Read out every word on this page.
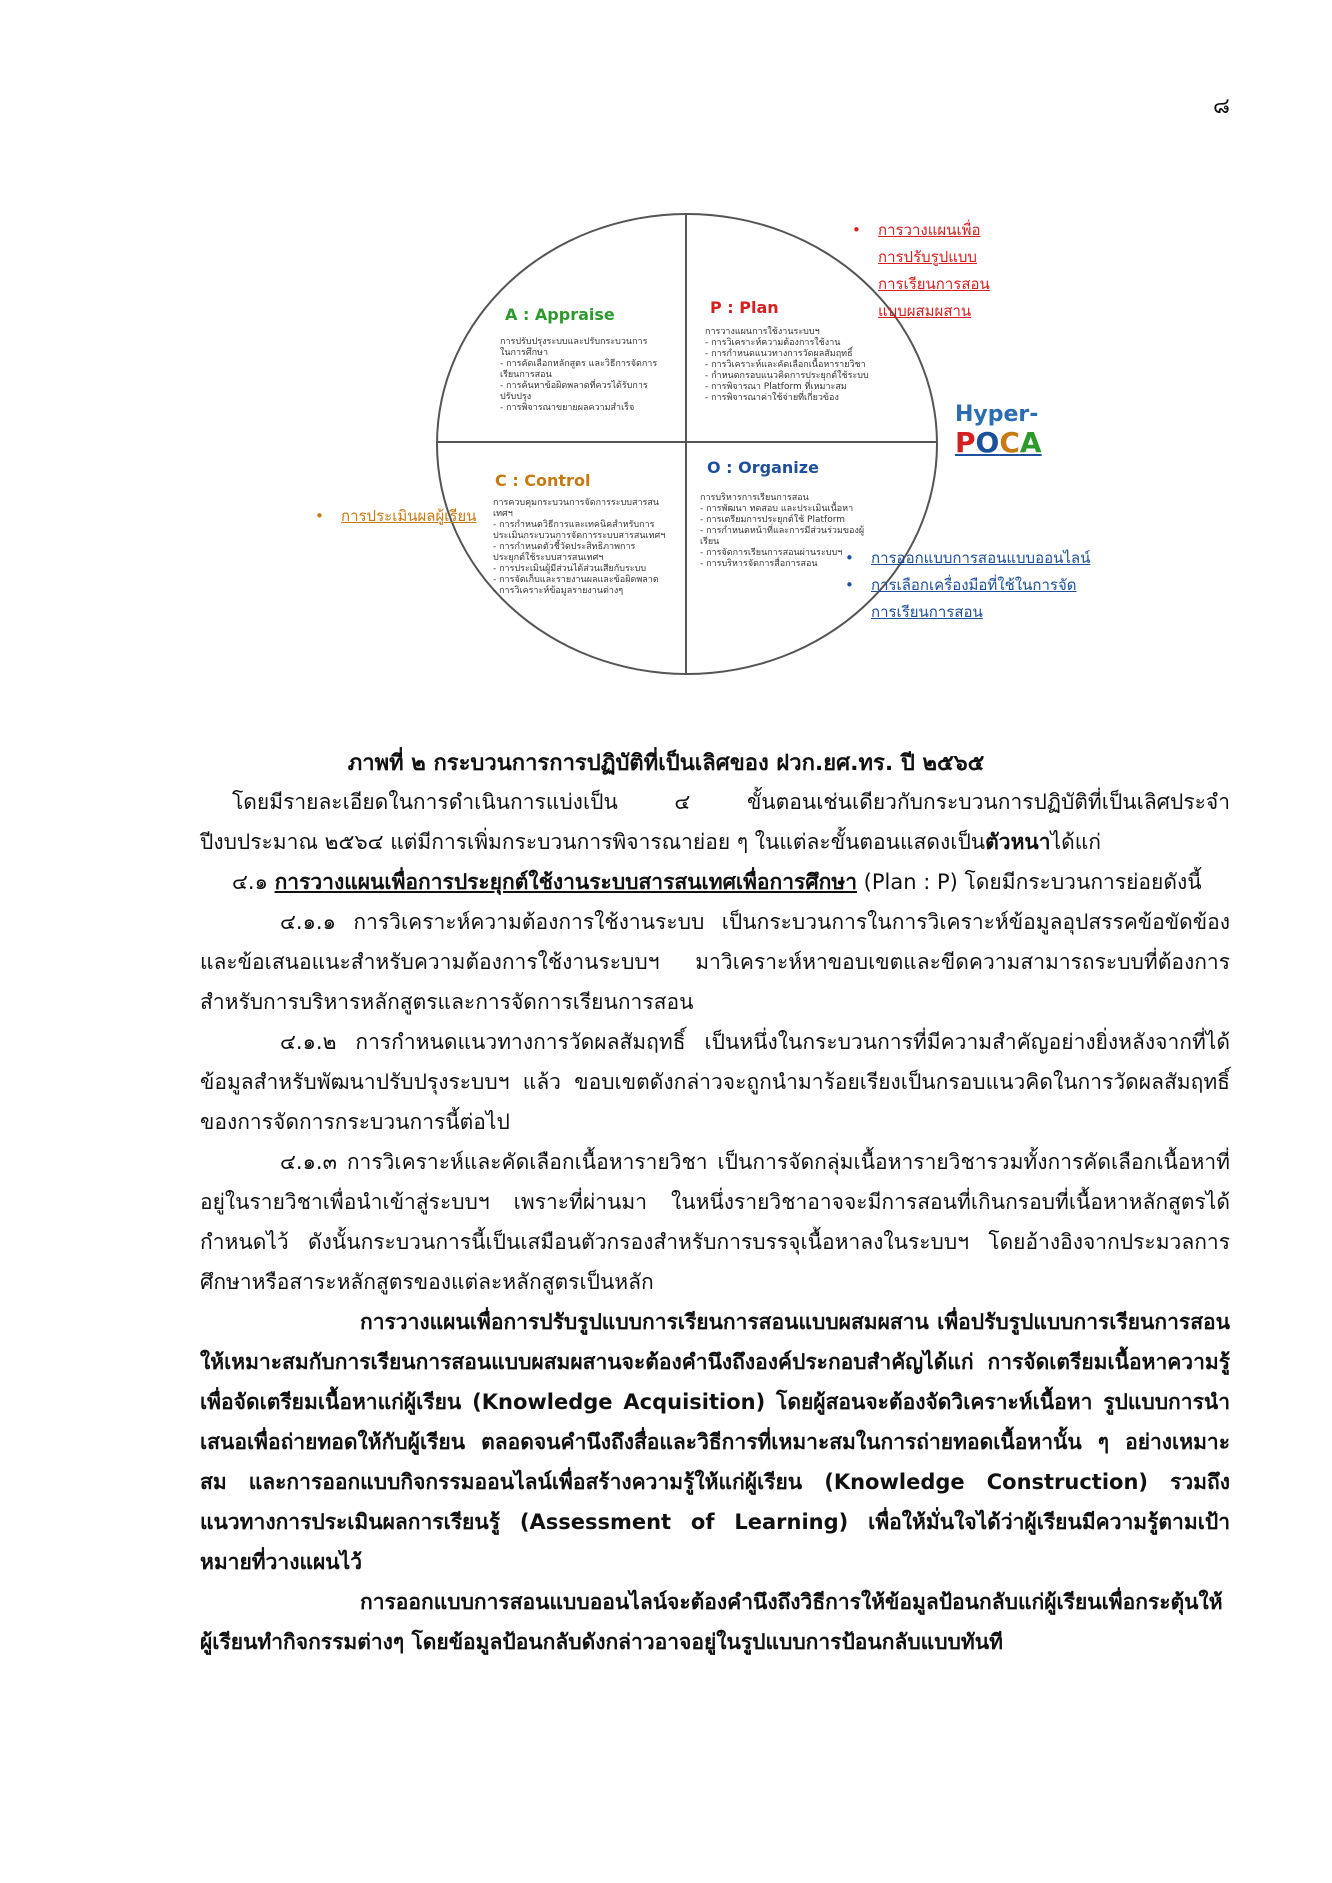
๘
A : Appraise
การปรับปรุงระบบและปรับกระบวนการ
ในการศึกษา
- การคัดเลือกหลักสูตร และวิธีการจัดการ
เรียนการสอน
- การค้นหาข้อผิดพลาดที่ควรได้รับการ
ปรับปรุง
- การพิจารณาขยายผลความสำเร็จ
P : Plan
การวางแผนการใช้งานระบบฯ
- การวิเคราะห์ความต้องการใช้งาน
- การกำหนดแนวทางการวัดผลสัมฤทธิ์
- การวิเคราะห์และคัดเลือกเนื้อหารายวิชา
- กำหนดกรอบแนวคิดการประยุกต์ใช้ระบบ
- การพิจารณา Platform ที่เหมาะสม
- การพิจารณาค่าใช้จ่ายที่เกี่ยวข้อง
C : Control
การควบคุมกระบวนการจัดการระบบสารสน
เทศฯ
- การกำหนดวิธีการและเทคนิคสำหรับการ
ประเมินกระบวนการจัดการระบบสารสนเทศฯ
- การกำหนดตัวชี้วัดประสิทธิภาพการ
ประยุกต์ใช้ระบบสารสนเทศฯ
- การประเมินผู้มีส่วนได้ส่วนเสียกับระบบ
- การจัดเก็บและรายงานผลและข้อผิดพลาด
- การวิเคราะห์ข้อมูลรายงานต่างๆ
O : Organize
การบริหารการเรียนการสอน
- การพัฒนา ทดสอบ และประเมินเนื้อหา
- การเตรียมการประยุกต์ใช้ Platform
- การกำหนดหน้าที่และการมีส่วนร่วมของผู้
เรียน
- การจัดการเรียนการสอนผ่านระบบฯ
- การบริหารจัดการสื่อการสอน
• การวางแผนเพื่อ
การปรับรูปแบบ
การเรียนการสอน
แบบผสมผสาน
• การประเมินผลผู้เรียน
• การออกแบบการสอนแบบออนไลน์
• การเลือกเครื่องมือที่ใช้ในการจัด
การเรียนการสอน
Hyper-
POCA
ภาพที่ ๒ กระบวนการการปฏิบัติที่เป็นเลิศของ ฝวก.ยศ.ทร. ปี ๒๕๖๕

โดยมีรายละเอียดในการดำเนินการแบ่งเป็น ๔ ขั้นตอนเช่นเดียวกับกระบวนการปฏิบัติที่เป็นเลิศประจำปีงบประมาณ ๒๕๖๔ แต่มีการเพิ่มกระบวนการพิจารณาย่อย ๆ ในแต่ละขั้นตอนแสดงเป็นตัวหนาได้แก่

๔.๑ การวางแผนเพื่อการประยุกต์ใช้งานระบบสารสนเทศเพื่อการศึกษา (Plan : P) โดยมีกระบวนการย่อยดังนี้

๔.๑.๑ การวิเคราะห์ความต้องการใช้งานระบบ เป็นกระบวนการในการวิเคราะห์ข้อมูลอุปสรรคข้อขัดข้อง และข้อเสนอแนะสำหรับความต้องการใช้งานระบบฯ มาวิเคราะห์หาขอบเขตและขีดความสามารถระบบที่ต้องการสำหรับการบริหารหลักสูตรและการจัดการเรียนการสอน

๔.๑.๒ การกำหนดแนวทางการวัดผลสัมฤทธิ์ เป็นหนึ่งในกระบวนการที่มีความสำคัญอย่างยิ่งหลังจากที่ได้ข้อมูลสำหรับพัฒนาปรับปรุงระบบฯ แล้ว ขอบเขตดังกล่าวจะถูกนำมาร้อยเรียงเป็นกรอบแนวคิดในการวัดผลสัมฤทธิ์ของการจัดการกระบวนการนี้ต่อไป

๔.๑.๓ การวิเคราะห์และคัดเลือกเนื้อหารายวิชา เป็นการจัดกลุ่มเนื้อหารายวิชารวมทั้งการคัดเลือกเนื้อหาที่อยู่ในรายวิชาเพื่อนำเข้าสู่ระบบฯ เพราะที่ผ่านมา ในหนึ่งรายวิชาอาจจะมีการสอนที่เกินกรอบที่เนื้อหาหลักสูตรได้กำหนดไว้ ดังนั้นกระบวนการนี้เป็นเสมือนตัวกรองสำหรับการบรรจุเนื้อหาลงในระบบฯ โดยอ้างอิงจากประมวลการศึกษาหรือสาระหลักสูตรของแต่ละหลักสูตรเป็นหลัก

การวางแผนเพื่อการปรับรูปแบบการเรียนการสอนแบบผสมผสาน เพื่อปรับรูปแบบการเรียนการสอนให้เหมาะสมกับการเรียนการสอนแบบผสมผสานจะต้องคำนึงถึงองค์ประกอบสำคัญได้แก่ การจัดเตรียมเนื้อหาความรู้เพื่อจัดเตรียมเนื้อหาแก่ผู้เรียน (Knowledge Acquisition) โดยผู้สอนจะต้องจัดวิเคราะห์เนื้อหา รูปแบบการนำเสนอเพื่อถ่ายทอดให้กับผู้เรียน ตลอดจนคำนึงถึงสื่อและวิธีการที่เหมาะสมในการถ่ายทอดเนื้อหานั้น ๆ อย่างเหมาะสม และการออกแบบกิจกรรมออนไลน์เพื่อสร้างความรู้ให้แก่ผู้เรียน (Knowledge Construction) รวมถึงแนวทางการประเมินผลการเรียนรู้ (Assessment of Learning) เพื่อให้มั่นใจได้ว่าผู้เรียนมีความรู้ตามเป้าหมายที่วางแผนไว้

การออกแบบการสอนแบบออนไลน์จะต้องคำนึงถึงวิธีการให้ข้อมูลป้อนกลับแก่ผู้เรียนเพื่อกระตุ้นให้ผู้เรียนทำกิจกรรมต่างๆ โดยข้อมูลป้อนกลับดังกล่าวอาจอยู่ในรูปแบบการป้อนกลับแบบทันที
